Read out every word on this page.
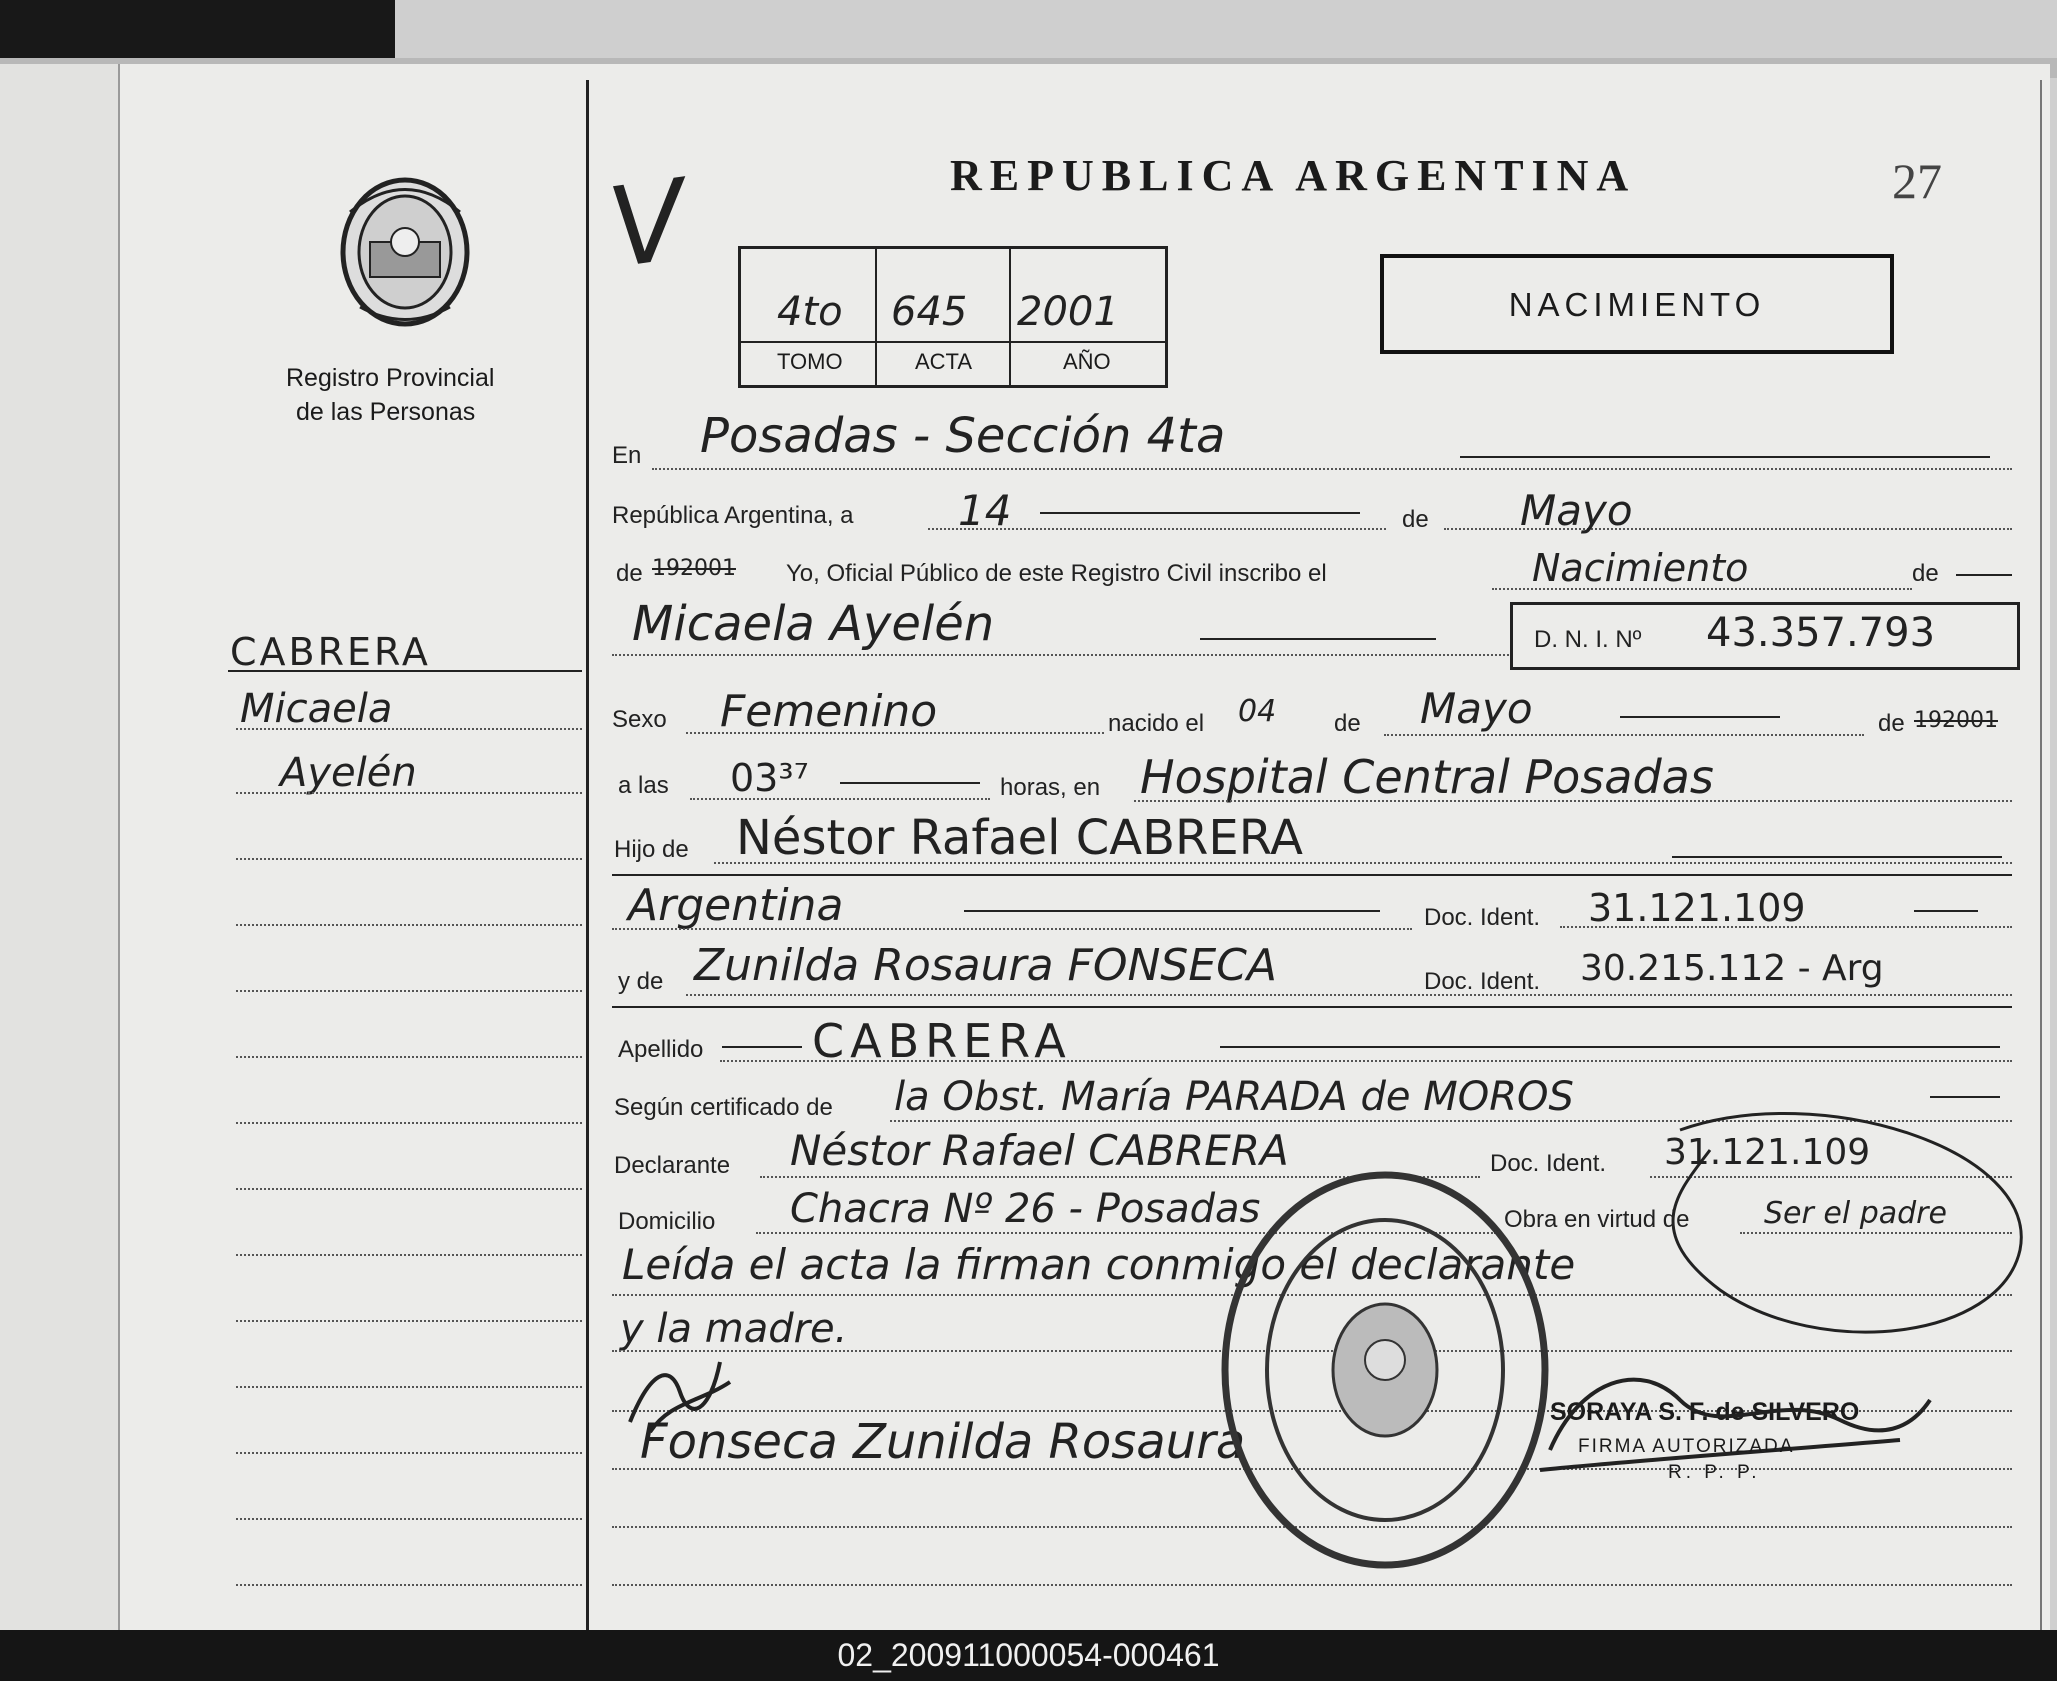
Registro Provincial
de las Personas
V	REPUBLICA ARGENTINA	27
4to 645 2001
TOMO	ACTA	AÑO
NACIMIENTO
CABRERA
Micaela
Ayelén
En Posadas - Sección 4ta
República Argentina, a 14	de Mayo
de 192001 Yo, Oficial Público de este Registro Civil inscribo el	Nacimiento	de
Micaela Ayelén	D. N. I. Nº 43.357.793
Sexo Femenino	nacido el 04 de Mayo	de 192001
a las 03³⁷	horas, en Hospital Central Posadas
Hijo de Néstor Rafael CABRERA
Argentina	Doc. Ident. 31.121.109
y de Zunilda Rosaura FONSECA	Doc. Ident. 30.215.112 - Arg
Apellido CABRERA
Según certificado de la Obst. María PARADA de MOROS
Declarante Néstor Rafael CABRERA	Doc. Ident. 31.121.109
Domicilio Chacra Nº 26 - Posadas	Obra en virtud de Ser el padre
Leída el acta la firman conmigo el declarante
y la madre.
Fonseca Zunilda Rosaura
SORAYA S. F. de SILVERO
FIRMA AUTORIZADA
R. P. P.
02_200911000054-000461
